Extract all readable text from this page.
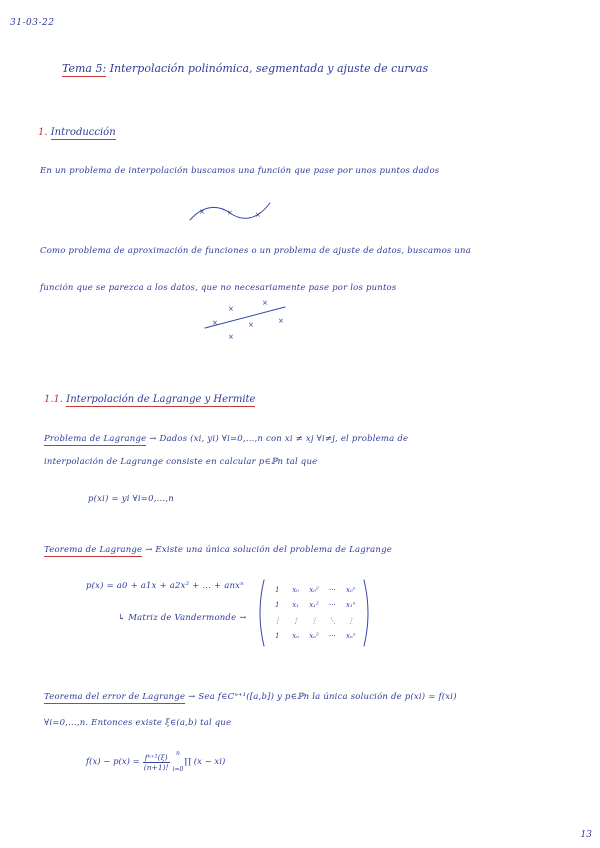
31-03-22
Tema 5: Interpolación polinómica, segmentada y ajuste de curvas
1. Introducción
En un problema de interpolación buscamos una función que pase por unos puntos dados
×	×	×
Como problema de aproximación de funciones o un problema de ajuste de datos, buscamos una
función que se parezca a los datos, que no necesariamente pase por los puntos
×
×
×
×
×
×
1.1. Interpolación de Lagrange y Hermite
Problema de Lagrange → Dados (xi, yi) ∀i=0,...,n con xi ≠ xj ∀i≠j, el problema de
interpolación de Lagrange consiste en calcular p∈ℙn tal que
p(xi) = yi ∀i=0,...,n
Teorema de Lagrange → Existe una única solución del problema de Lagrange
p(x) = a0 + a1x + a2x² + ... + anxⁿ
↳ Matriz de Vandermonde →
1	x₀	x₀²	···	x₀ⁿ
1	x₁	x₁²	···	x₁ⁿ
⋮	⋮	⋮	⋱	⋮
1	xₙ	xₙ²	···	xₙⁿ
Teorema del error de Lagrange → Sea f∈Cⁿ⁺¹([a,b]) y p∈ℙn la única solución de p(xi) = f(xi)
∀i=0,...,n. Entonces existe ξ∈(a,b) tal que
$f(x) - p(x) = \frac{\text{fⁿ⁺¹(ξ)}}{(n+1)!}$ n
i=0
∏ (x − xi)
13
